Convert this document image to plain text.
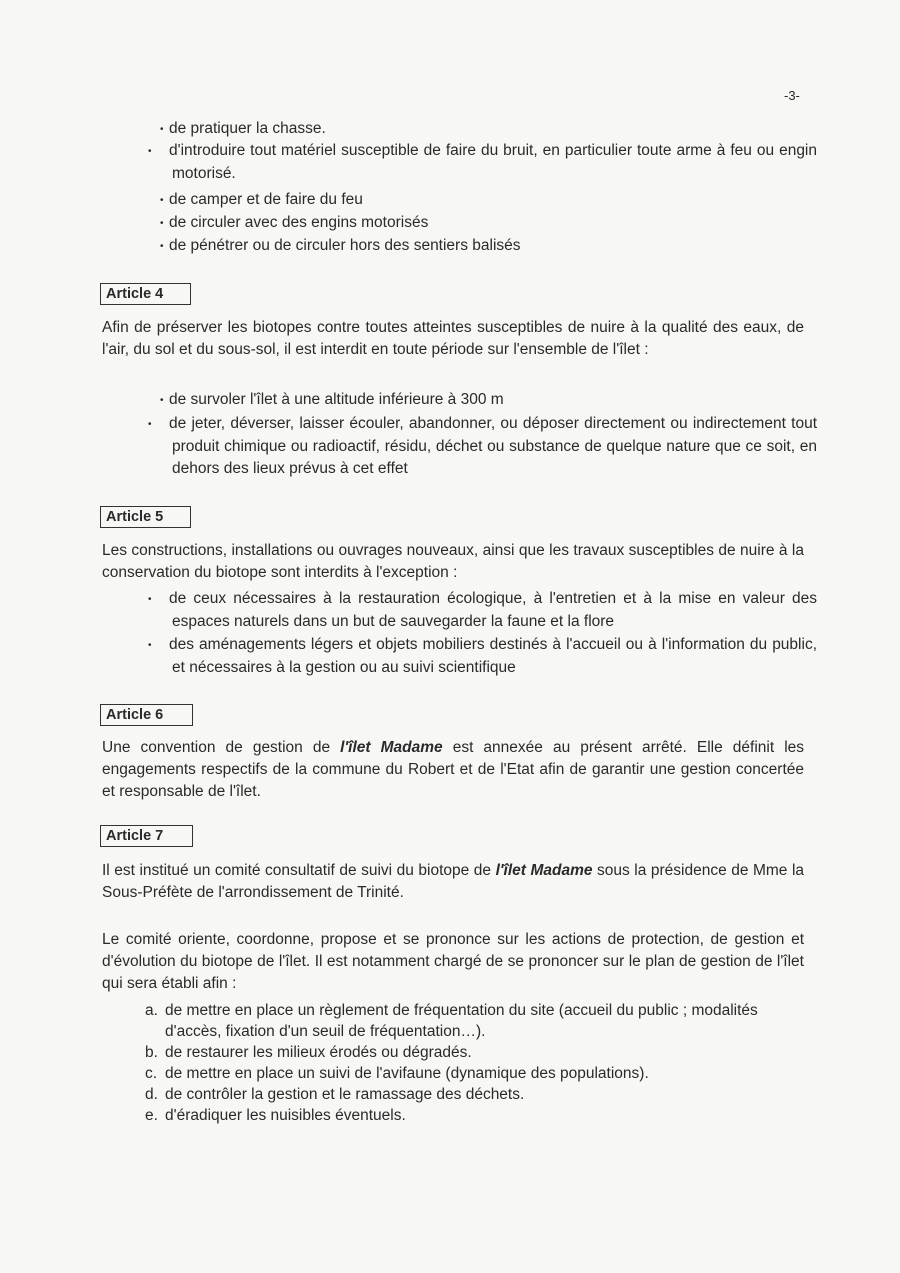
-3-
• de pratiquer la chasse.
• d'introduire tout matériel susceptible de faire du bruit, en particulier toute arme à feu ou engin motorisé.
• de camper et de faire du feu
• de circuler avec des engins motorisés
• de pénétrer ou de circuler hors des sentiers balisés
Article 4
Afin de préserver les biotopes contre toutes atteintes susceptibles de nuire à la qualité des eaux, de l'air, du sol et du sous-sol, il est interdit en toute période sur l'ensemble de l'îlet :
• de survoler l'îlet à une altitude inférieure à 300 m
• de jeter, déverser, laisser écouler, abandonner, ou déposer directement ou indirectement tout produit chimique ou radioactif, résidu, déchet ou substance de quelque nature que ce soit, en dehors des lieux prévus à cet effet
Article 5
Les constructions, installations ou ouvrages nouveaux, ainsi que les travaux susceptibles de nuire à la conservation du biotope sont interdits à l'exception :
• de ceux nécessaires à la restauration écologique, à l'entretien et à la mise en valeur des espaces naturels dans un but de sauvegarder la faune et la flore
• des aménagements légers et objets mobiliers destinés à l'accueil ou à l'information du public, et nécessaires à la gestion ou au suivi scientifique
Article 6
Une convention de gestion de l'îlet Madame est annexée au présent arrêté. Elle définit les engagements respectifs de la commune du Robert et de l'Etat afin de garantir une gestion concertée et responsable de l'îlet.
Article 7
Il est institué un comité consultatif de suivi du biotope de l'îlet Madame sous la présidence de Mme la Sous-Préfète de l'arrondissement de Trinité.
Le comité oriente, coordonne, propose et se prononce sur les actions de protection, de gestion et d'évolution du biotope de l'îlet. Il est notamment chargé de se prononcer sur le plan de gestion de l'îlet qui sera établi afin :
a. de mettre en place un règlement de fréquentation du site (accueil du public ; modalités d'accès, fixation d'un seuil de fréquentation…).
b. de restaurer les milieux érodés ou dégradés.
c. de mettre en place un suivi de l'avifaune (dynamique des populations).
d. de contrôler la gestion et le ramassage des déchets.
e. d'éradiquer les nuisibles éventuels.
